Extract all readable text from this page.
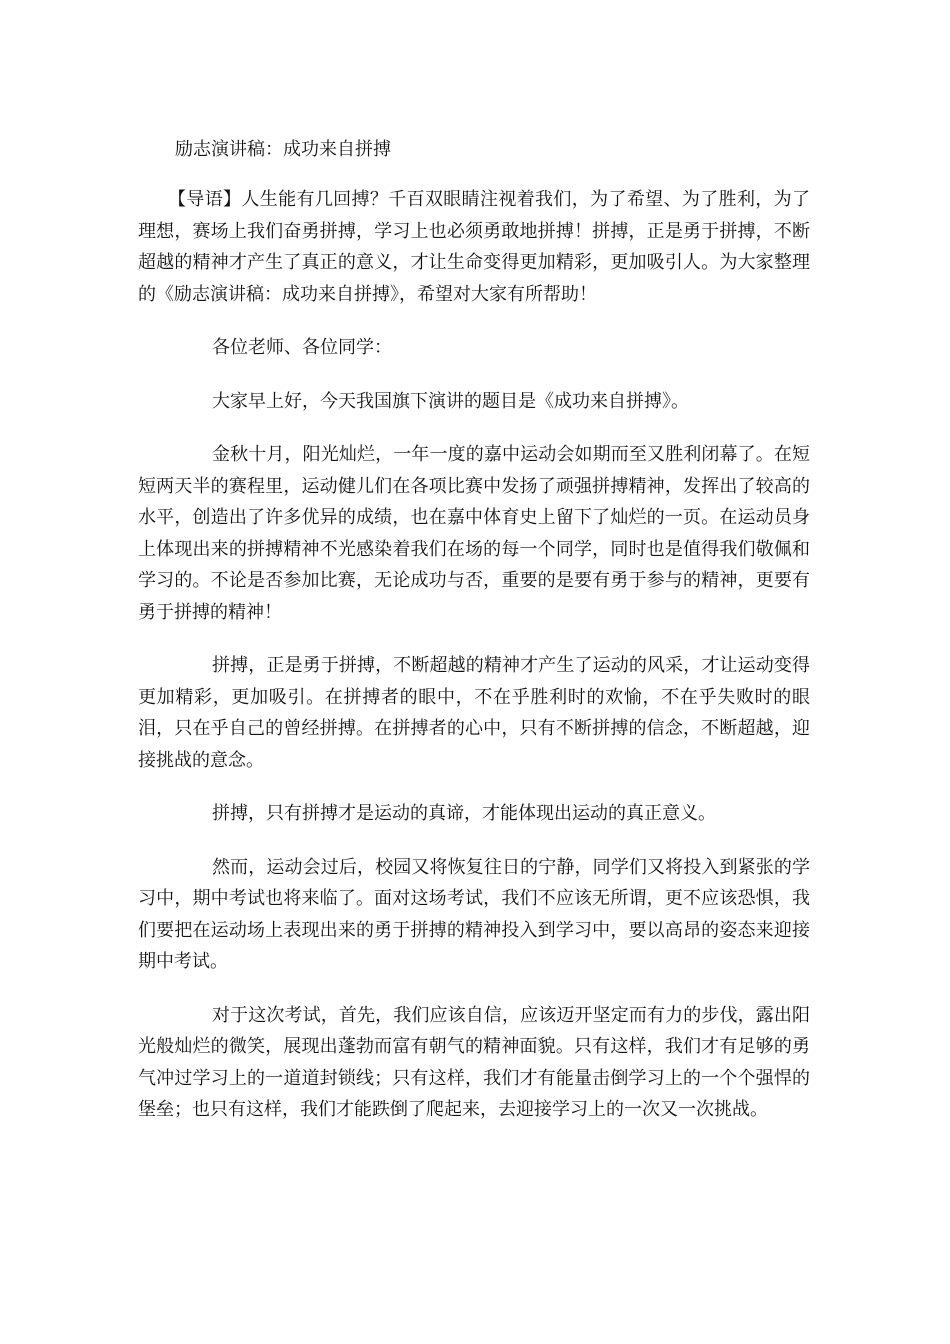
励志演讲稿：成功来自拼搏

【导语】人生能有几回搏？千百双眼睛注视着我们，为了希望、为了胜利，为了理想，赛场上我们奋勇拼搏，学习上也必须勇敢地拼搏！拼搏，正是勇于拼搏，不断超越的精神才产生了真正的意义，才让生命变得更加精彩，更加吸引人。为大家整理的《励志演讲稿：成功来自拼搏》，希望对大家有所帮助！

各位老师、各位同学：

大家早上好，今天我国旗下演讲的题目是《成功来自拼搏》。

金秋十月，阳光灿烂，一年一度的嘉中运动会如期而至又胜利闭幕了。在短短两天半的赛程里，运动健儿们在各项比赛中发扬了顽强拼搏精神，发挥出了较高的水平，创造出了许多优异的成绩，也在嘉中体育史上留下了灿烂的一页。在运动员身上体现出来的拼搏精神不光感染着我们在场的每一个同学，同时也是值得我们敬佩和学习的。不论是否参加比赛，无论成功与否，重要的是要有勇于参与的精神，更要有勇于拼搏的精神！

拼搏，正是勇于拼搏，不断超越的精神才产生了运动的风采，才让运动变得更加精彩，更加吸引。在拼搏者的眼中，不在乎胜利时的欢愉，不在乎失败时的眼泪，只在乎自己的曾经拼搏。在拼搏者的心中，只有不断拼搏的信念，不断超越，迎接挑战的意念。

拼搏，只有拼搏才是运动的真谛，才能体现出运动的真正意义。

然而，运动会过后，校园又将恢复往日的宁静，同学们又将投入到紧张的学习中，期中考试也将来临了。面对这场考试，我们不应该无所谓，更不应该恐惧，我们要把在运动场上表现出来的勇于拼搏的精神投入到学习中，要以高昂的姿态来迎接期中考试。

对于这次考试，首先，我们应该自信，应该迈开坚定而有力的步伐，露出阳光般灿烂的微笑，展现出蓬勃而富有朝气的精神面貌。只有这样，我们才有足够的勇气冲过学习上的一道道封锁线；只有这样，我们才有能量击倒学习上的一个个强悍的堡垒；也只有这样，我们才能跌倒了爬起来，去迎接学习上的一次又一次挑战。
